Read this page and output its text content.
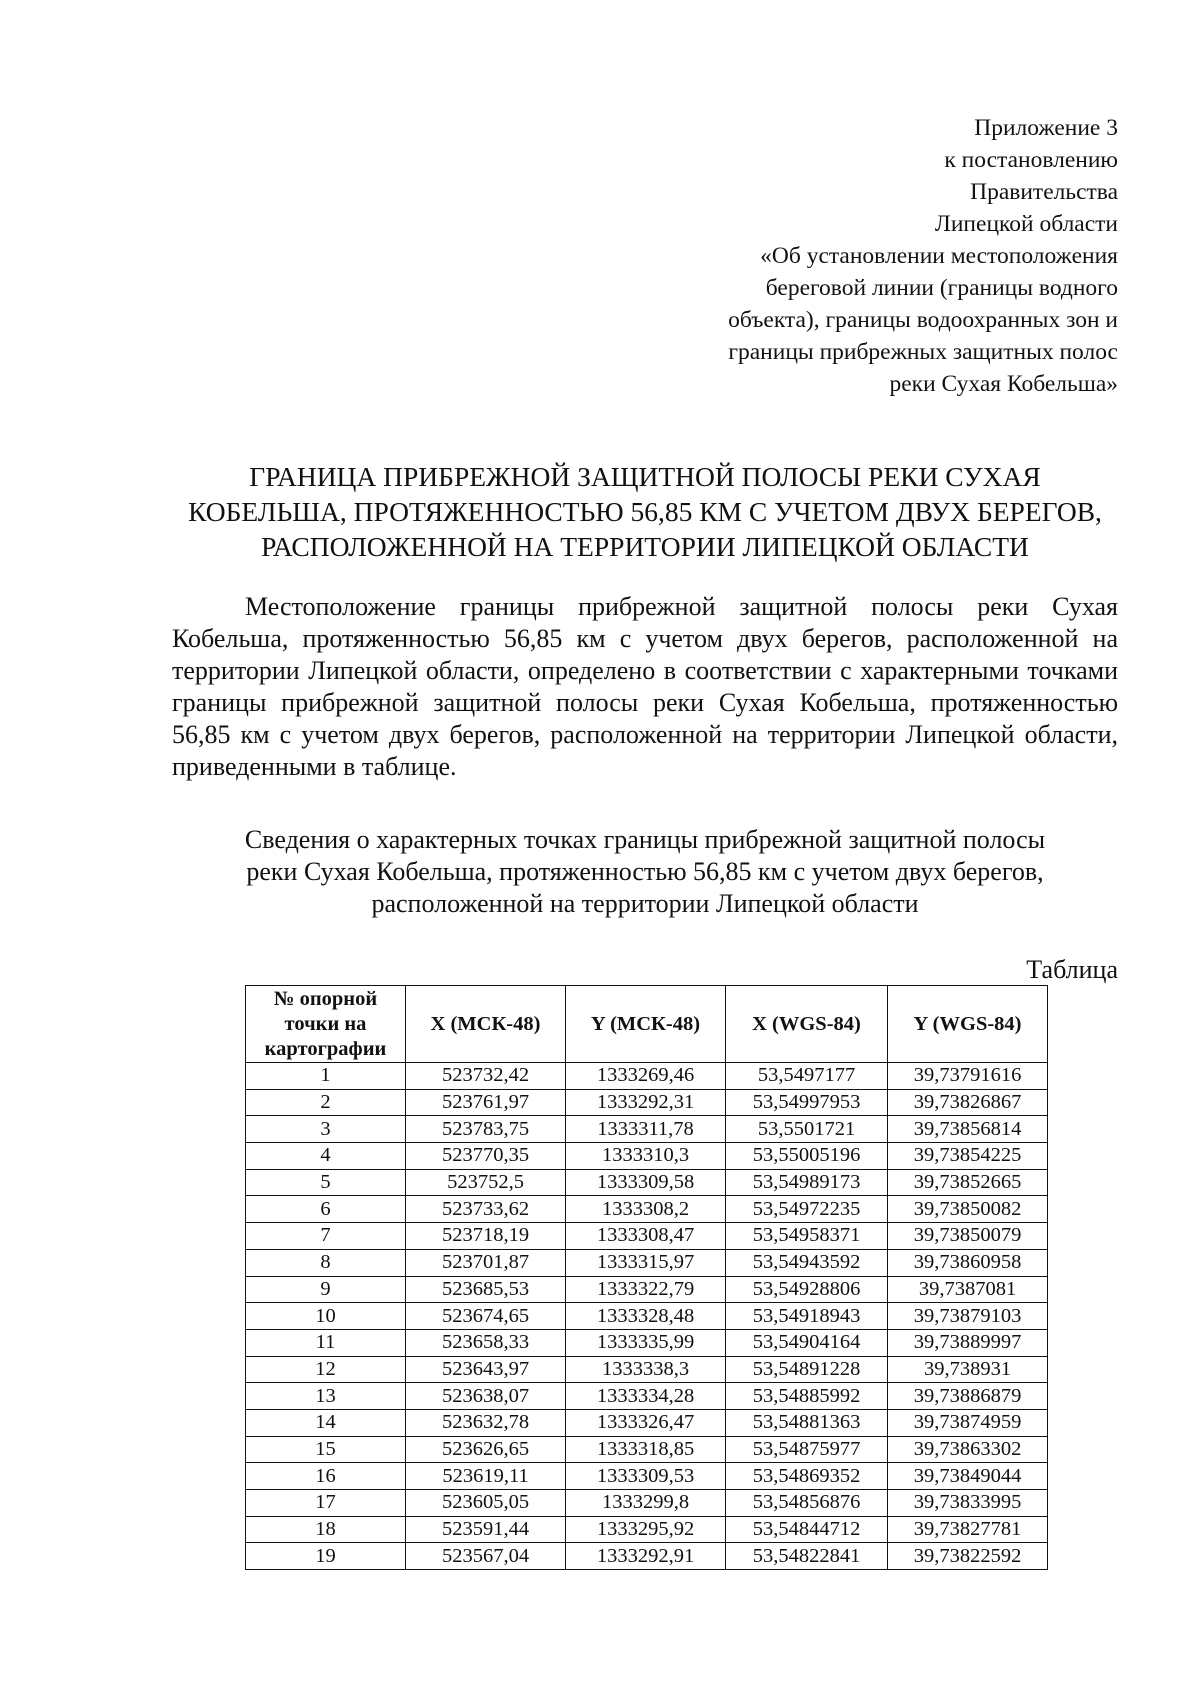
Приложение 3
к постановлению
Правительства
Липецкой области
«Об установлении местоположения
береговой линии (границы водного
объекта), границы водоохранных зон и
границы прибрежных защитных полос
реки Сухая Кобельша»
ГРАНИЦА ПРИБРЕЖНОЙ ЗАЩИТНОЙ ПОЛОСЫ РЕКИ СУХАЯ
КОБЕЛЬША, ПРОТЯЖЕННОСТЬЮ 56,85 КМ С УЧЕТОМ ДВУХ БЕРЕГОВ,
РАСПОЛОЖЕННОЙ НА ТЕРРИТОРИИ ЛИПЕЦКОЙ ОБЛАСТИ
Местоположение границы прибрежной защитной полосы реки Сухая Кобельша, протяженностью 56,85 км с учетом двух берегов, расположенной на территории Липецкой области, определено в соответствии с характерными точками границы прибрежной защитной полосы реки Сухая Кобельша, протяженностью 56,85 км с учетом двух берегов, расположенной на территории Липецкой области, приведенными в таблице.
Сведения о характерных точках границы прибрежной защитной полосы
реки Сухая Кобельша, протяженностью 56,85 км с учетом двух берегов,
расположенной на территории Липецкой области
Таблица
№ опорной
точки на
картографии	X (МСК-48)	Y (МСК-48)	X (WGS-84)	Y (WGS-84)
1	523732,42	1333269,46	53,5497177	39,73791616
2	523761,97	1333292,31	53,54997953	39,73826867
3	523783,75	1333311,78	53,5501721	39,73856814
4	523770,35	1333310,3	53,55005196	39,73854225
5	523752,5	1333309,58	53,54989173	39,73852665
6	523733,62	1333308,2	53,54972235	39,73850082
7	523718,19	1333308,47	53,54958371	39,73850079
8	523701,87	1333315,97	53,54943592	39,73860958
9	523685,53	1333322,79	53,54928806	39,7387081
10	523674,65	1333328,48	53,54918943	39,73879103
11	523658,33	1333335,99	53,54904164	39,73889997
12	523643,97	1333338,3	53,54891228	39,738931
13	523638,07	1333334,28	53,54885992	39,73886879
14	523632,78	1333326,47	53,54881363	39,73874959
15	523626,65	1333318,85	53,54875977	39,73863302
16	523619,11	1333309,53	53,54869352	39,73849044
17	523605,05	1333299,8	53,54856876	39,73833995
18	523591,44	1333295,92	53,54844712	39,73827781
19	523567,04	1333292,91	53,54822841	39,73822592
